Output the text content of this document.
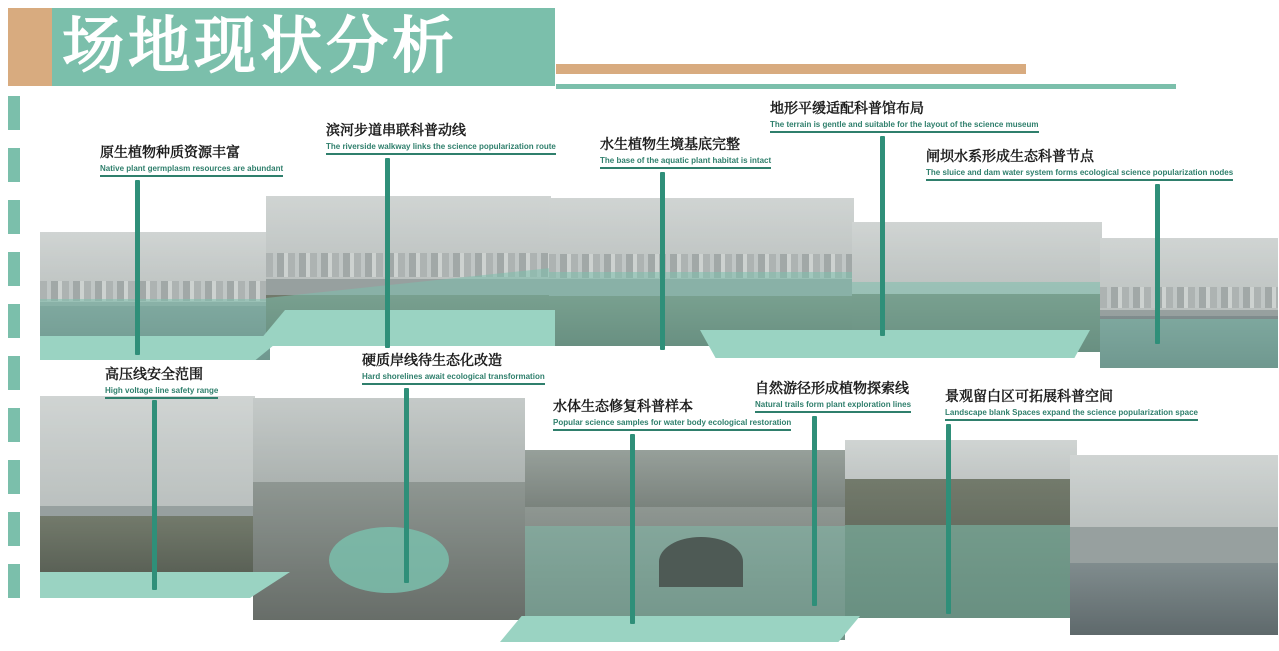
场地现状分析
原生植物种质资源丰富
Native plant germplasm resources are abundant
滨河步道串联科普动线
The riverside walkway links the science popularization route	水生植物生境基底完整
The base of the aquatic plant habitat is intact
地形平缓适配科普馆布局
The terrain is gentle and suitable for the layout of the science museum
闸坝水系形成生态科普节点
The sluice and dam water system forms ecological science popularization nodes
高压线安全范围
High voltage line safety range
硬质岸线待生态化改造
Hard shorelines await ecological transformation
水体生态修复科普样本
Popular science samples for water body ecological restoration
自然游径形成植物探索线
Natural trails form plant exploration lines 景观留白区可拓展科普空间
Landscape blank Spaces expand the science popularization space
